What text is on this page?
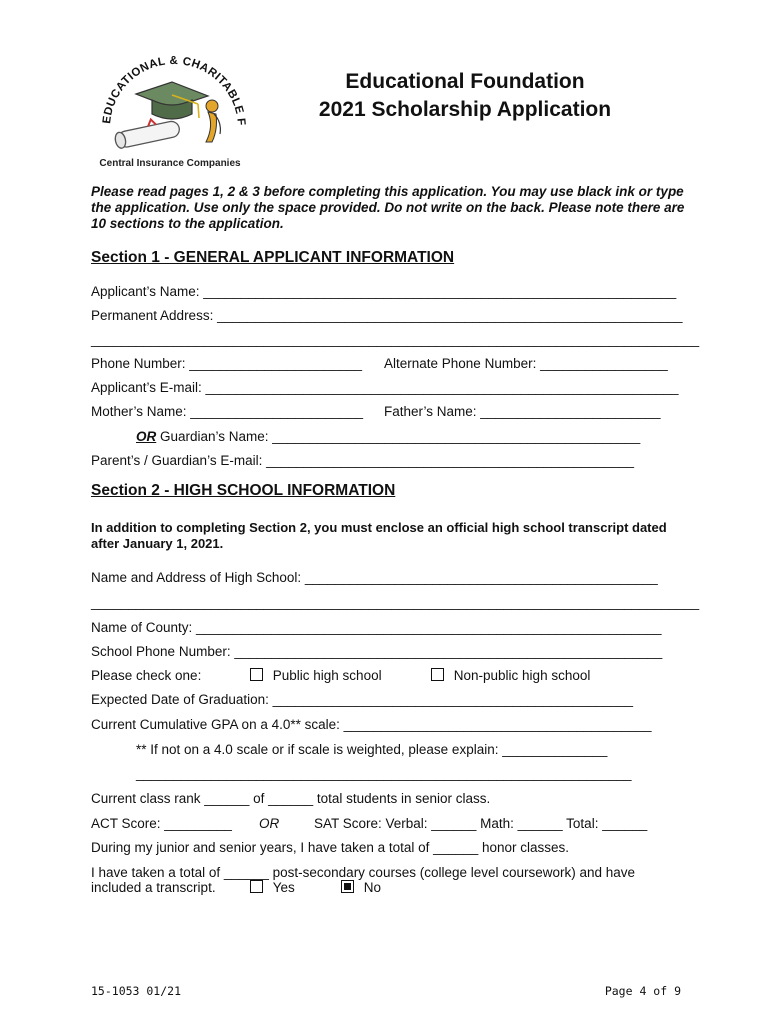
EDUCATIONAL & CHARITABLE F
Central Insurance Companies
Educational Foundation
2021 Scholarship Application
Please read pages 1, 2 & 3 before completing this application. You may use black ink or type the application. Use only the space provided. Do not write on the back. Please note there are 10 sections to the application.
Section 1 - GENERAL APPLICANT INFORMATION
Applicant’s Name: _______________________________________________________________
Permanent Address: ______________________________________________________________
_________________________________________________________________________________
Phone Number: _______________________ Alternate Phone Number: _________________
Applicant’s E-mail: _______________________________________________________________
Mother’s Name: _______________________ Father’s Name: ________________________
OR Guardian’s Name: _________________________________________________
Parent’s / Guardian’s E-mail: _________________________________________________
Section 2 - HIGH SCHOOL INFORMATION
In addition to completing Section 2, you must enclose an official high school transcript dated after January 1, 2021.
Name and Address of High School: _______________________________________________
_________________________________________________________________________________
Name of County: ______________________________________________________________
School Phone Number: _________________________________________________________
Please check one:	Public high school	Non-public high school
Expected Date of Graduation: ________________________________________________
Current Cumulative GPA on a 4.0** scale: _________________________________________
** If not on a 4.0 scale or if scale is weighted, please explain: ______________
__________________________________________________________________
Current class rank ______ of ______ total students in senior class.
ACT Score: _________ OR	SAT Score: Verbal: ______ Math: ______ Total: ______
During my junior and senior years, I have taken a total of ______ honor classes.
I have taken a total of ______ post-secondary courses (college level coursework) and have
included a transcript.	Yes	No
15-1053 01/21	Page 4 of 9
